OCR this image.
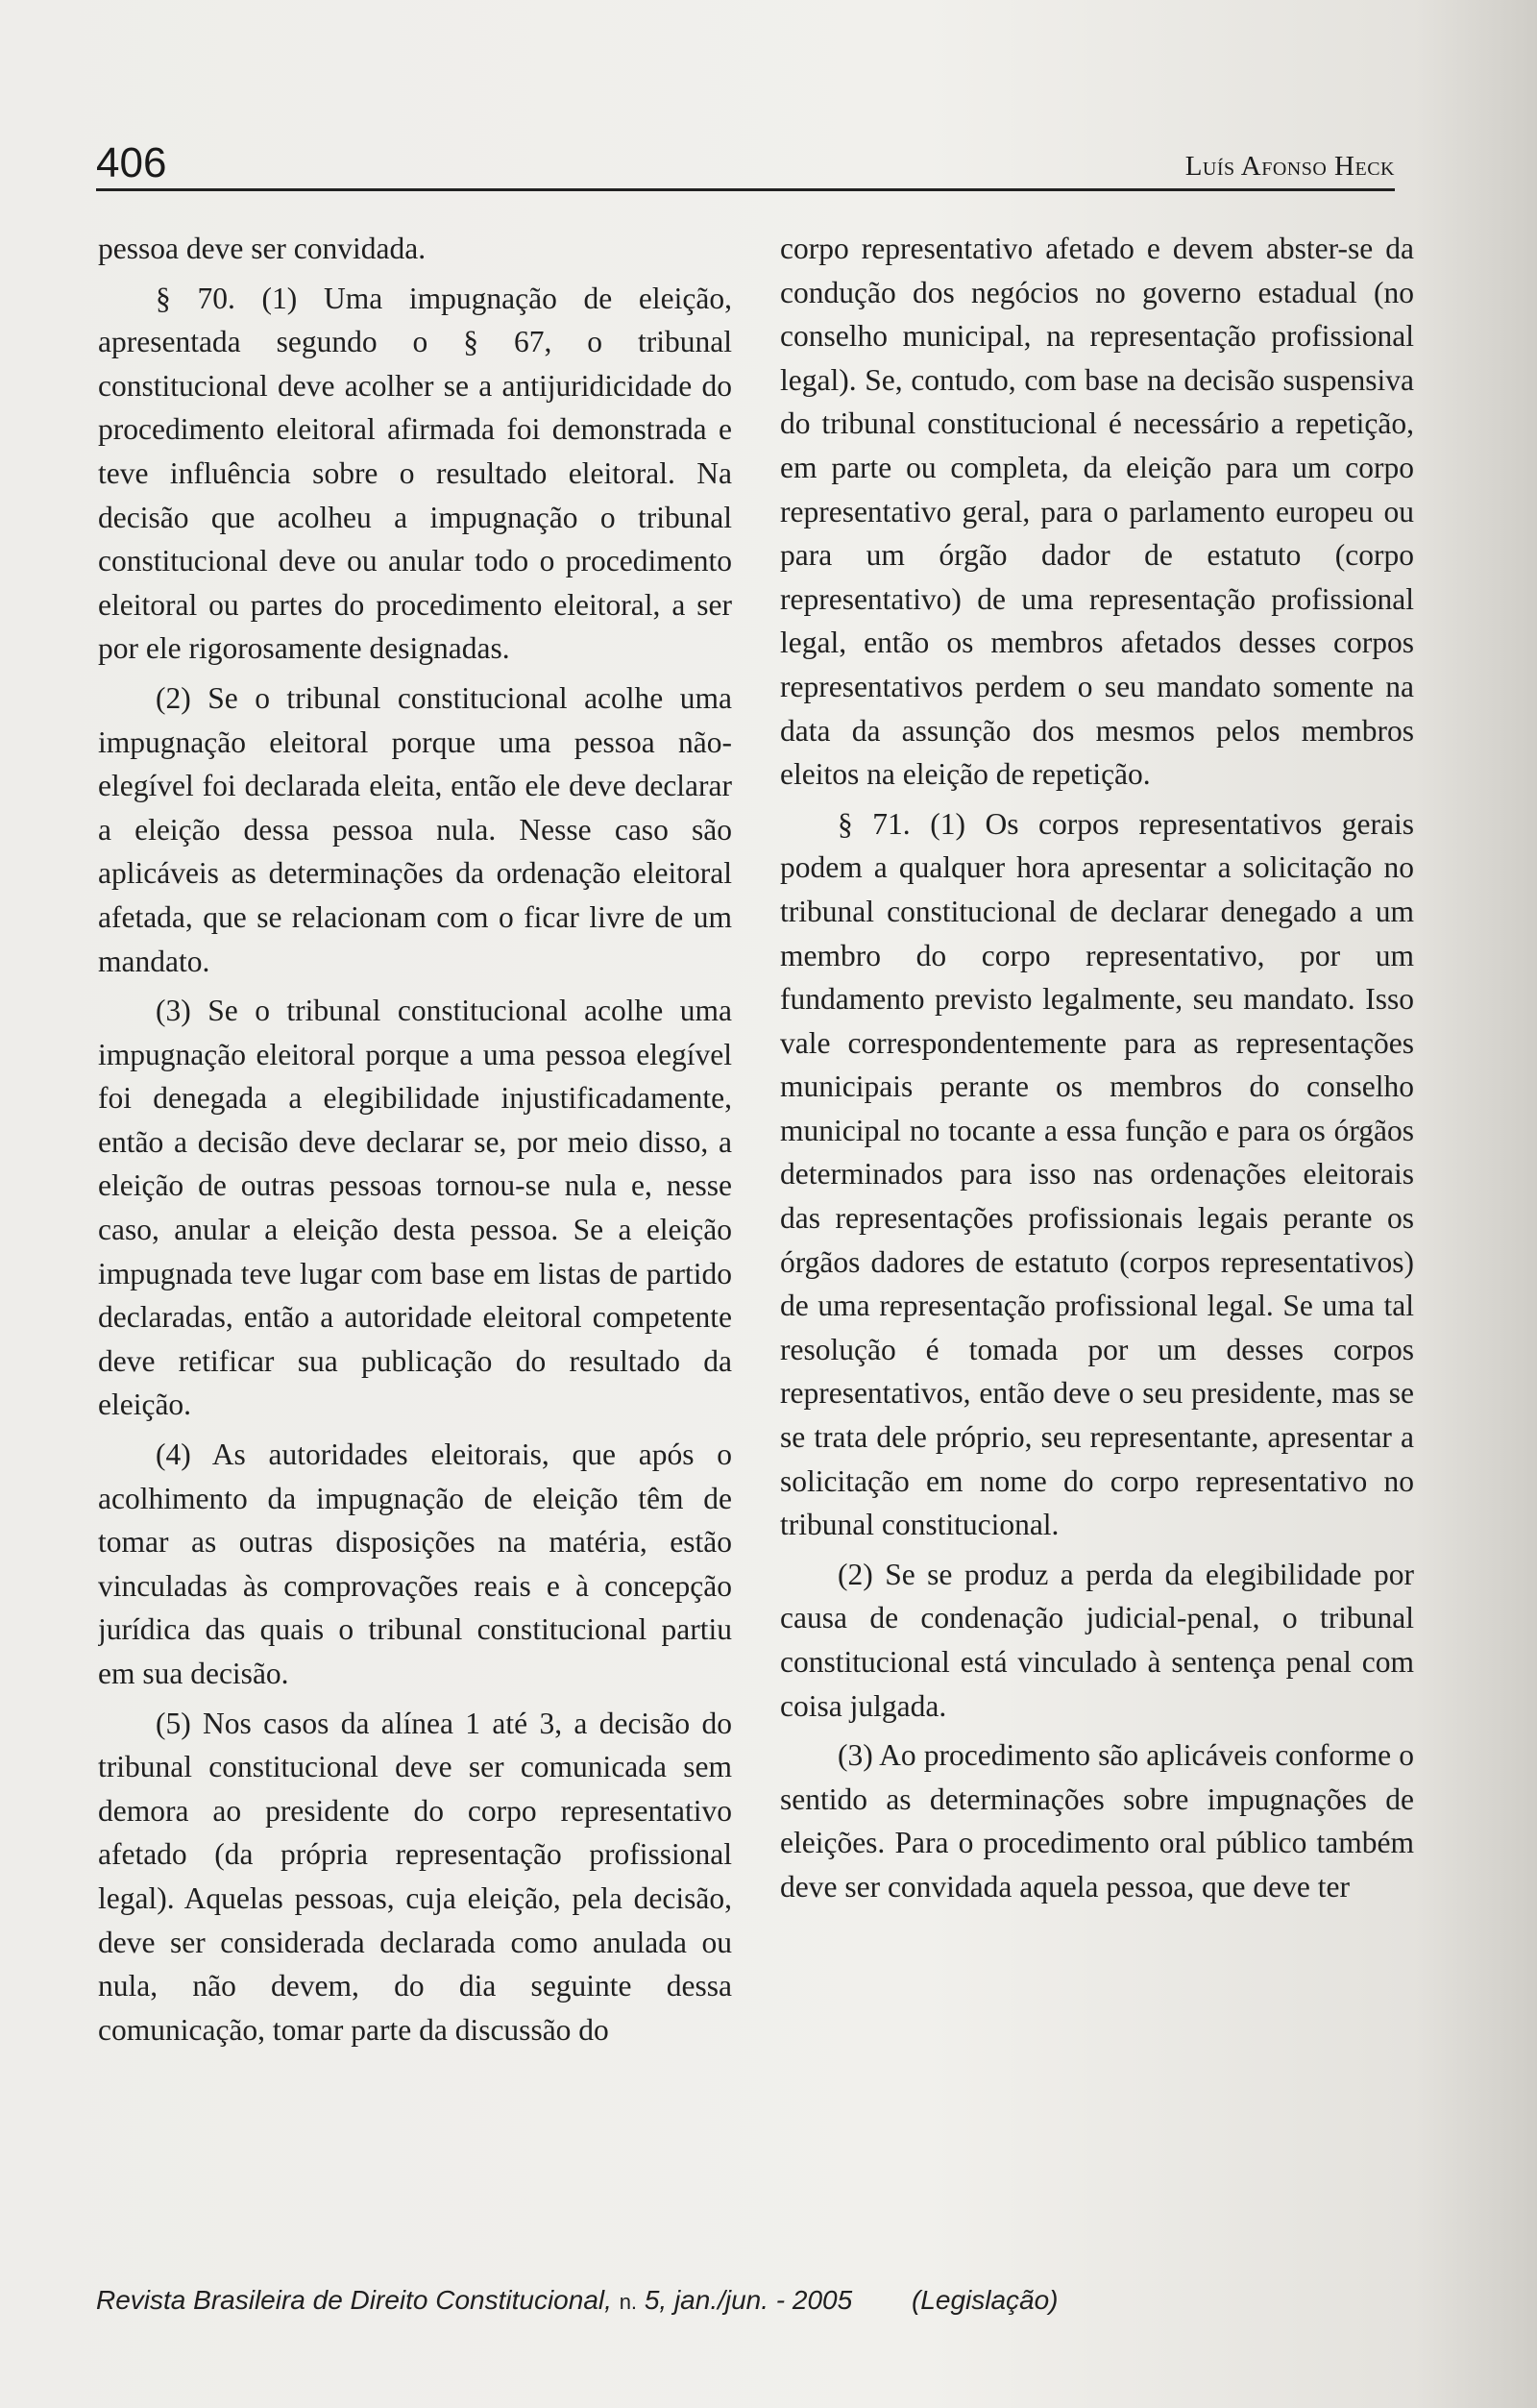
406	Luís Afonso Heck

pessoa deve ser convidada.

§ 70. (1) Uma impugnação de eleição, apresentada segundo o § 67, o tribunal constitucional deve acolher se a antijuridicidade do procedimento eleitoral afirmada foi demonstrada e teve influência sobre o resultado eleitoral. Na decisão que acolheu a impugnação o tribunal constitucional deve ou anular todo o procedimento eleitoral ou partes do procedimento eleitoral, a ser por ele rigorosamente designadas.

(2) Se o tribunal constitucional acolhe uma impugnação eleitoral porque uma pessoa não-elegível foi declarada eleita, então ele deve declarar a eleição dessa pessoa nula. Nesse caso são aplicáveis as determinações da ordenação eleitoral afetada, que se relacionam com o ficar livre de um mandato.

(3) Se o tribunal constitucional acolhe uma impugnação eleitoral porque a uma pessoa elegível foi denegada a elegibilidade injustificadamente, então a decisão deve declarar se, por meio disso, a eleição de outras pessoas tornou-se nula e, nesse caso, anular a eleição desta pessoa. Se a eleição impugnada teve lugar com base em listas de partido declaradas, então a autoridade eleitoral competente deve retificar sua publicação do resultado da eleição.

(4) As autoridades eleitorais, que após o acolhimento da impugnação de eleição têm de tomar as outras disposições na matéria, estão vinculadas às comprovações reais e à concepção jurídica das quais o tribunal constitucional partiu em sua decisão.

(5) Nos casos da alínea 1 até 3, a decisão do tribunal constitucional deve ser comunicada sem demora ao presidente do corpo representativo afetado (da própria representação profissional legal). Aquelas pessoas, cuja eleição, pela decisão, deve ser considerada declarada como anulada ou nula, não devem, do dia seguinte dessa comunicação, tomar parte da discussão do

corpo representativo afetado e devem abster-se da condução dos negócios no governo estadual (no conselho municipal, na representação profissional legal). Se, contudo, com base na decisão suspensiva do tribunal constitucional é necessário a repetição, em parte ou completa, da eleição para um corpo representativo geral, para o parlamento europeu ou para um órgão dador de estatuto (corpo representativo) de uma representação profissional legal, então os membros afetados desses corpos representativos perdem o seu mandato somente na data da assunção dos mesmos pelos membros eleitos na eleição de repetição.

§ 71. (1) Os corpos representativos gerais podem a qualquer hora apresentar a solicitação no tribunal constitucional de declarar denegado a um membro do corpo representativo, por um fundamento previsto legalmente, seu mandato. Isso vale correspondentemente para as representações municipais perante os membros do conselho municipal no tocante a essa função e para os órgãos determinados para isso nas ordenações eleitorais das representações profissionais legais perante os órgãos dadores de estatuto (corpos representativos) de uma representação profissional legal. Se uma tal resolução é tomada por um desses corpos representativos, então deve o seu presidente, mas se se trata dele próprio, seu representante, apresentar a solicitação em nome do corpo representativo no tribunal constitucional.

(2) Se se produz a perda da elegibilidade por causa de condenação judicial-penal, o tribunal constitucional está vinculado à sentença penal com coisa julgada.

(3) Ao procedimento são aplicáveis conforme o sentido as determinações sobre impugnações de eleições. Para o procedimento oral público também deve ser convidada aquela pessoa, que deve ter

Revista Brasileira de Direito Constitucional, n. 5, jan./jun. - 2005 (Legislação)
